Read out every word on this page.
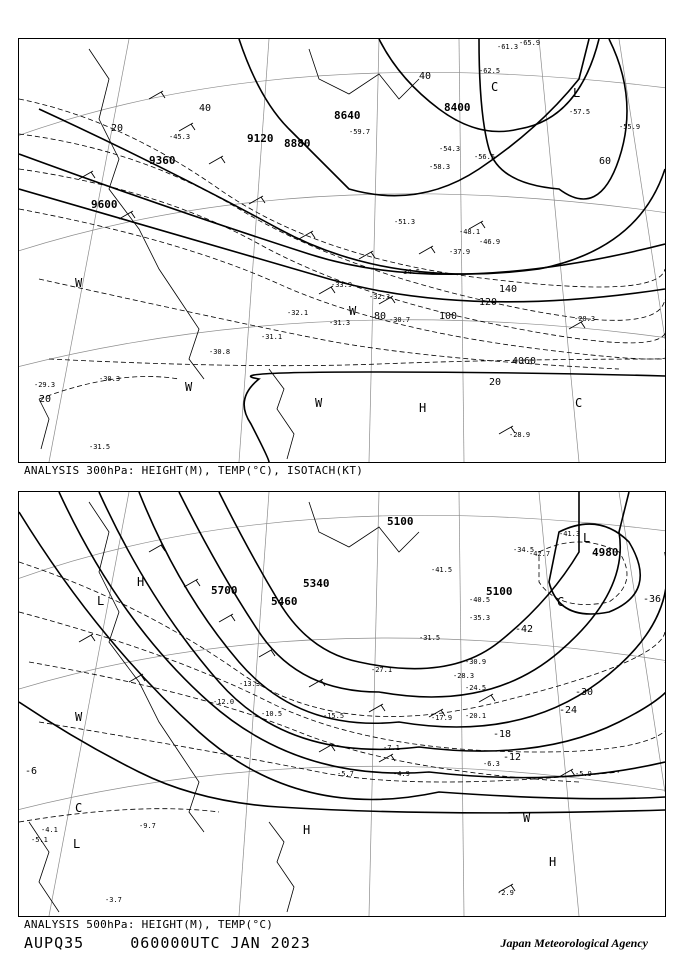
8640
8400
9120 8880
9360
9600
20
40
60
80	100
120
140
20
40
60
40
20
-54.3
-56.5
-58.3
-59.7
-51.3
-48.1
-46.9
-37.9
-34.5
-33.9
-32.3
-32.1
-31.3	-30.7
-31.1
-30.8
-30.3
-31.5
-28.9
-29.3
-28.3
-61.3 -65.9
-62.5
-57.5
-55.9
-45.3
L
C
W
W
W	H	C
W
ANALYSIS 300hPa: HEIGHT(M), TEMP(°C), ISOTACH(KT)
5100
5100
4980
5700
5340
5460	-36
-42
-30
-24
-18
-12
-6
-41.5
-40.5
-35.3
-31.5
-30.9
-28.3
-27.1
-24.5
-20.1
-17.9
-15.5
-13.3
-12.0
-10.5
-7.1
-5.7	-4.9
-6.3
-5.9
-2.9
-3.7
-5.1
-4.1	-9.7
-42.7
-41.3
-34.5
L
C
L
H
W
H
W
H
C
L
ANALYSIS 500hPa: HEIGHT(M), TEMP(°C)
AUPQ35	060000UTC JAN 2023	Japan Meteorological Agency
